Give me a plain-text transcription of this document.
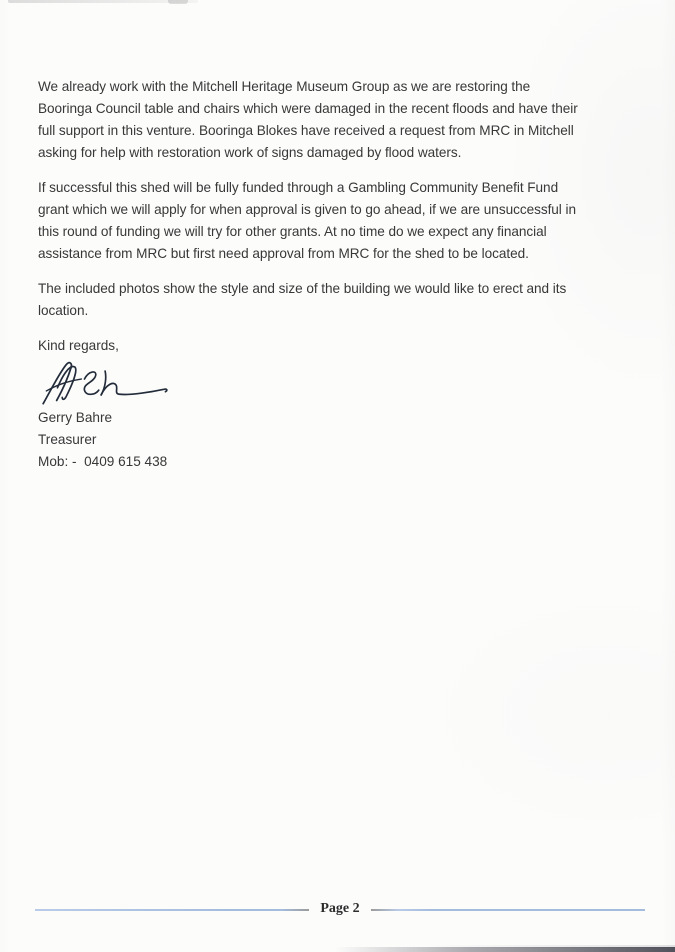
We already work with the Mitchell Heritage Museum Group as we are restoring the
Booringa Council table and chairs which were damaged in the recent floods and have their
full support in this venture. Booringa Blokes have received a request from MRC in Mitchell
asking for help with restoration work of signs damaged by flood waters.
If successful this shed will be fully funded through a Gambling Community Benefit Fund
grant which we will apply for when approval is given to go ahead, if we are unsuccessful in
this round of funding we will try for other grants. At no time do we expect any financial
assistance from MRC but first need approval from MRC for the shed to be located.
The included photos show the style and size of the building we would like to erect and its
location.
Kind regards,
Gerry Bahre
Treasurer
Mob: -  0409 615 438
Page 2
